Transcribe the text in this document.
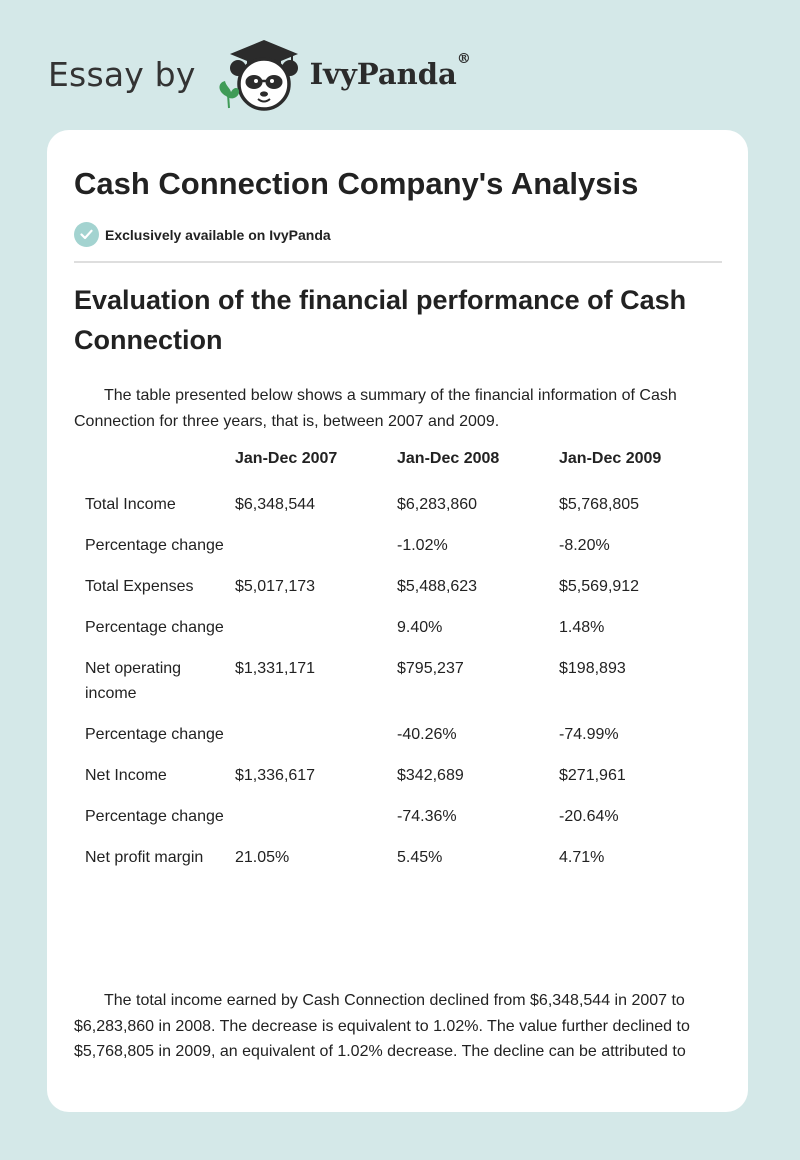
Essay by	IvyPanda®
Cash Connection Company's Analysis
Exclusively available on IvyPanda
Evaluation of the financial performance of Cash Connection

The table presented below shows a summary of the financial information of Cash Connection for three years, that is, between 2007 and 2009.

	Jan-Dec 2007	Jan-Dec 2008	Jan-Dec 2009
Total Income	$6,348,544	$6,283,860	$5,768,805
Percentage change		-1.02%	-8.20%
Total Expenses	$5,017,173	$5,488,623	$5,569,912
Percentage change		9.40%	1.48%
Net operating income	$1,331,171	$795,237	$198,893
Percentage change		-40.26%	-74.99%
Net Income	$1,336,617	$342,689	$271,961
Percentage change		-74.36%	-20.64%
Net profit margin	21.05%	5.45%	4.71%

The total income earned by Cash Connection declined from $6,348,544 in 2007 to $6,283,860 in 2008. The decrease is equivalent to 1.02%. The value further declined to $5,768,805 in 2009, an equivalent of 1.02% decrease. The decline can be attributed to
